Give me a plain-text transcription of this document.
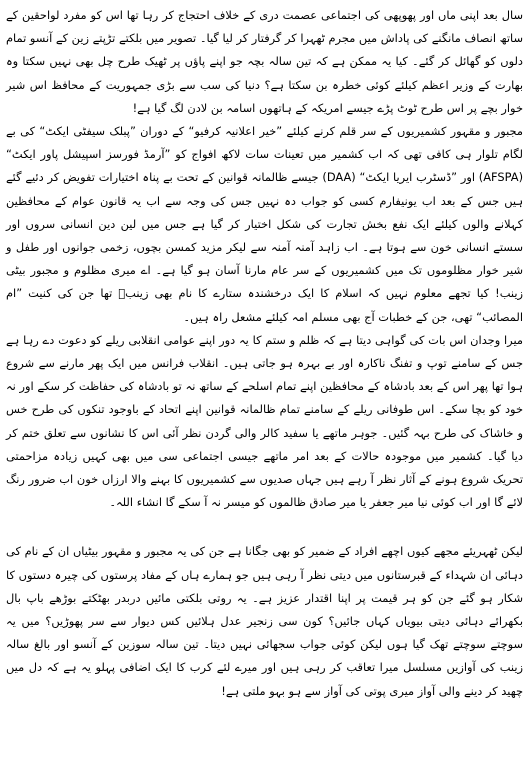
سال بعد اپنی ماں اور پھوپھی کی اجتماعی عصمت دری کے خلاف احتجاج کر رہا تھا اس کو مفرد لواحقین کے ساتھ انصاف مانگنے کی پاداش میں مجرم ٹھہرا کر گرفتار کر لیا گیا۔ تصویر میں بلکتے تڑپتے زین کے آنسو تمام دلوں کو گھائل کر گئے۔ کیا یہ ممکن ہے کہ تین سالہ بچہ جو اپنے پاؤں پر ٹھیک طرح چل بھی نہیں سکتا وہ بھارت کے وزیر اعظم کیلئے کوئی خطرہ بن سکتا ہے؟ دنیا کی سب سے بڑی جمہوریت کے محافظ اس شیر خوار بچے پر اس طرح ٹوٹ پڑے جیسے امریکہ کے ہاتھوں اسامہ بن لادن لگ گیا ہے!

مجبور و مقہور کشمیریوں کے سر قلم کرنے کیلئے ”خیر اعلانیہ کرفیو“ کے دوران ”پبلک سیفٹی ایکٹ“ کی بے لگام تلوار ہی کافی تھی کہ اب کشمیر میں تعینات سات لاکھ افواج کو ”آرمڈ فورسز اسپیشل پاور ایکٹ“ (AFSPA) اور ”ڈسٹرب ایریا ایکٹ“ (DAA) جیسے ظالمانہ قوانین کے تحت بے پناہ اختیارات تفویض کر دئیے گئے ہیں جس کے بعد اب یونیفارم کسی کو جواب دہ نہیں جس کی وجہ سے اب یہ قانون عوام کے محافظین کہلانے والوں کیلئے ایک نفع بخش تجارت کی شکل اختیار کر گیا ہے جس میں لین دین انسانی سروں اور سستے انسانی خون سے ہوتا ہے۔ اب زاہد آمنہ آمنہ سے لیکر مزید کمسن بچوں، زخمی جوانوں اور طفل و شیر خوار مظلوموں تک میں کشمیریوں کے سر عام مارنا آسان ہو گیا ہے۔ اے میری مظلوم و مجبور بیٹی زینب! کیا تجھے معلوم نہیں کہ اسلام کا ایک درخشندہ ستارے کا نام بھی زینبؓ تھا جن کی کنیت ”ام المصائب“ تھی، جن کے خطبات آج بھی مسلم امہ کیلئے مشعل راہ ہیں۔

میرا وجدان اس بات کی گواہی دیتا ہے کہ ظلم و ستم کا یہ دور اپنے عوامی انقلابی ریلے کو دعوت دے رہا ہے جس کے سامنے توپ و تفنگ ناکارہ اور بے بہرہ ہو جاتی ہیں۔ انقلاب فرانس میں ایک پھر مارنے سے شروع ہوا تھا پھر اس کے بعد بادشاہ کے محافظین اپنے تمام اسلحے کے ساتھ نہ تو بادشاہ کی حفاظت کر سکے اور نہ خود کو بچا سکے۔ اس طوفانی ریلے کے سامنے تمام ظالمانہ قوانین اپنے اتحاد کے باوجود تنکوں کی طرح خس و خاشاک کی طرح بہہ گئیں۔ جوہر ماتھے یا سفید کالر والی گردن نظر آئی اس کا نشانوں سے تعلق ختم کر دیا گیا۔ کشمیر میں موجودہ حالات کے بعد امر ماتھے جیسی اجتماعی سی میں بھی کہیں زیادہ مزاحمتی تحریک شروع ہونے کے آثار نظر آ رہے ہیں جہاں صدیوں سے کشمیریوں کا بہنے والا ارزاں خون اب ضرور رنگ لائے گا اور اب کوئی نیا میر جعفر یا میر صادق ظالموں کو میسر نہ آ سکے گا انشاء اللہ۔

لیکن ٹھہریئے مجھے کیوں اچھے افراد کے ضمیر کو بھی جگانا ہے جن کی یہ مجبور و مقہور بیٹیاں ان کے نام کی دہائی ان شہداء کے قبرستانوں میں دیتی نظر آ رہی ہیں جو ہمارے ہاں کے مفاد پرستوں کی چیرہ دستوں کا شکار ہو گئے جن کو ہر قیمت پر اپنا اقتدار عزیز ہے۔ یہ روتی بلکتی مائیں دربدر بھٹکتے بوڑھے باپ بال بکھرائے دہائی دیتی بیویاں کہاں جائیں؟ کون سی زنجیر عدل ہلائیں کس دیوار سے سر پھوڑیں؟ میں یہ سوچتے سوچتے تھک گیا ہوں لیکن کوئی جواب سجھائی نہیں دیتا۔ تین سالہ سوزین کے آنسو اور بالغ سالہ زینب کی آوازیں مسلسل میرا تعاقب کر رہی ہیں اور میرے لئے کرب کا ایک اضافی پہلو یہ ہے کہ دل میں چھید کر دینے والی آواز میری پوتی کی آواز سے ہو بہو ملتی ہے!
